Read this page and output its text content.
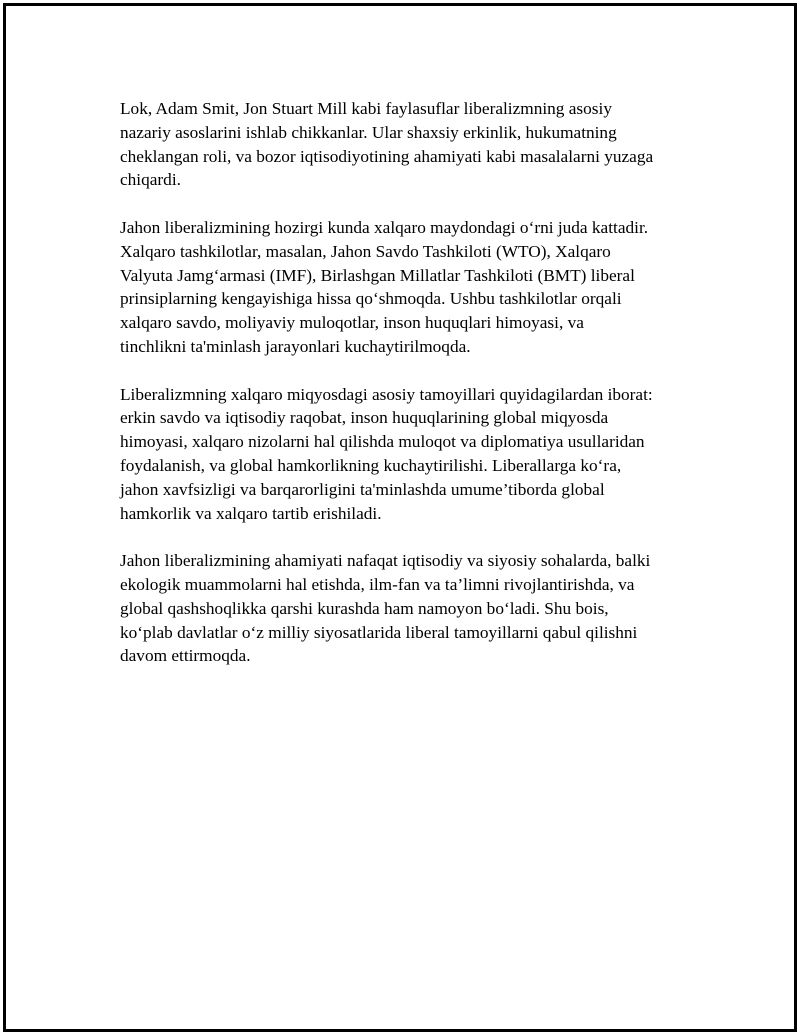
Lok, Adam Smit, Jon Stuart Mill kabi faylasuflar liberalizmning asosiy
nazariy asoslarini ishlab chikkanlar. Ular shaxsiy erkinlik, hukumatning
cheklangan roli, va bozor iqtisodiyotining ahamiyati kabi masalalarni yuzaga
chiqardi.

Jahon liberalizmining hozirgi kunda xalqaro maydondagi o‘rni juda kattadir.
Xalqaro tashkilotlar, masalan, Jahon Savdo Tashkiloti (WTO), Xalqaro
Valyuta Jamg‘armasi (IMF), Birlashgan Millatlar Tashkiloti (BMT) liberal
prinsiplarning kengayishiga hissa qo‘shmoqda. Ushbu tashkilotlar orqali
xalqaro savdo, moliyaviy muloqotlar, inson huquqlari himoyasi, va
tinchlikni ta'minlash jarayonlari kuchaytirilmoqda.

Liberalizmning xalqaro miqyosdagi asosiy tamoyillari quyidagilardan iborat:
erkin savdo va iqtisodiy raqobat, inson huquqlarining global miqyosda
himoyasi, xalqaro nizolarni hal qilishda muloqot va diplomatiya usullaridan
foydalanish, va global hamkorlikning kuchaytirilishi. Liberallarga ko‘ra,
jahon xavfsizligi va barqarorligini ta'minlashda umume’tiborda global
hamkorlik va xalqaro tartib erishiladi.

Jahon liberalizmining ahamiyati nafaqat iqtisodiy va siyosiy sohalarda, balki
ekologik muammolarni hal etishda, ilm-fan va ta’limni rivojlantirishda, va
global qashshoqlikka qarshi kurashda ham namoyon bo‘ladi. Shu bois,
ko‘plab davlatlar o‘z milliy siyosatlarida liberal tamoyillarni qabul qilishni
davom ettirmoqda.
